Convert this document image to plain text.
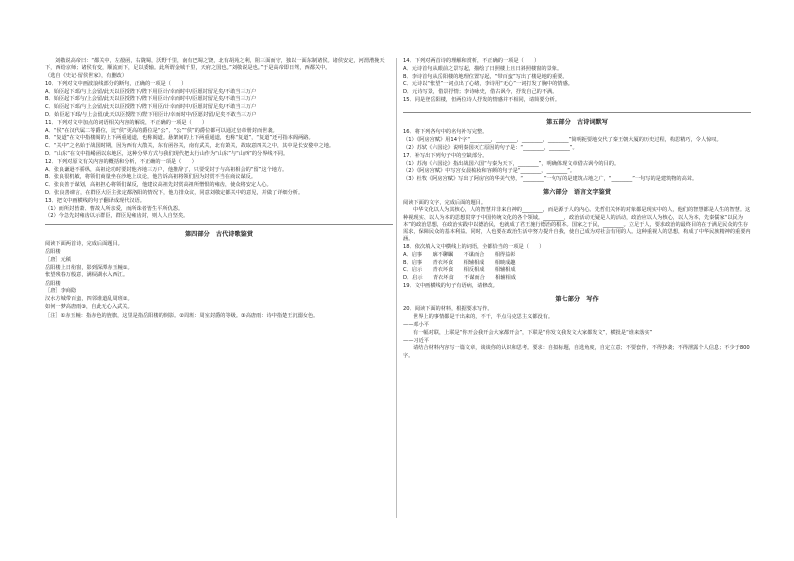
刘敬说高帝曰：“都关中，左殽函，右陇蜀，沃野千里，南有巴蜀之饶，北有胡苑之利，阻三面而守，独以一面东制诸侯。诸侯安定，河渭漕挽天下，西给京师；诸侯有变，顺流而下，足以委输。此所谓金城千里，天府之国也。”刘敬说是也。”于是高帝即日驾，西都关中。

（选自《史记·留侯世家》，有删改）

10．下列对文中画波浪线部分的断句，正确的一项是（　　）

A．始臣起下邳/与上会留/此天以臣授陛下/陛下用臣计/幸而时中/臣愿封留足矣/不敢当三万户

B．始臣起下邳与/上会留/此天以臣授陛下/陛下用臣计/幸而时中/臣愿封留足矣/不敢当三万户

C．始臣起下邳/与上会留/此天以臣授陛下/陛下用臣/计幸而时中/臣愿封留足矣/不敢当三万户

D．始臣起下邳/与上会留/此天以臣授陛下/陛下用臣计/幸而时中/臣愿封留/足矣不敢当三万户

11．下列对文中加点的词语相关内容的解说，不正确的一项是（　　）

A．“侯”在汉代属二等爵位，比“侯”更高的爵位是“公”，“公”“侯”的爵位都可以通过皇帝册封而世袭。

B．“复道”在文中指楼阁的上下两重通道，也称阁道。悬架间的上下两重通道，也称“复道”，“复道”还可指本阁两路。

C．“关中”之名始于战国时期，因为西有大散关，东有函谷关，南有武关，北有萧关，故取意四关之中，其中是长安婺中之地。

D．“山东”在文中指崤函以东地区，这种分界方式与我们现代把太行山作为“山东”与“山西”的分界线不同。

12．下列对原文有关内容的概括和分析，不正确的一项是（　　）

A．张良谦逊不骄纵，高祖论功时要封他齐地三万户，他推辞了，只要受封于与高祖相会的“留”这个地方。

B．张良很机敏，将领们商量坐在沙地上议论，他告诉高祖将领们因为封赏不当在商议谋反。

C．张良善于谋划，高祖担心将领们谋反，他建议高祖先封赏高祖所憎恨的雍齿，使众将安定人心。

D．张良善谏言，在群臣大臣主张定都洛阳的情况下，他力排众议，同意刘敬定都关中的意见，并做了详细分析。

13．把文中画横线的句子翻译成现代汉语。

（1）而所封皆萧、曹故人所亲爱，而所诛者皆生平所仇怨。

（2）今急先封雍齿以示群臣，群臣见雍齿封，则人人自坚矣。

第四部分　古代诗歌鉴赏

阅读下面两首诗，完成后面题目。

岳阳楼

［唐］元稹

岳阳楼上日衔窗，影到深潭赤玉幢①。

怅望残春万般意，满棂湖水入西江。

岳阳楼

［唐］李商隐

汉水方城带百蛮，四邻谁道乱周班②。

如何一梦高唐雨③，自此无心入武关。

［注］①赤玉幢：指赤色的旌旗，这里是指岳阳楼的倒影。②周班：周室封爵的等级。③高唐雨：诗中指楚王沉溺女色。

14．下列对两首诗的理解和赏析，不正确的一项是（　　）

A．元诗首句从眼前之景写起，描绘了日照楼上且日斜照楼窗的景象。

B．李诗首句从岳阳楼的地理位置写起，“带百蛮”写出了楼是地的重要。

C．元诗以“怅望”一词点出了心绪，李诗用“无心”一词打发了胸中的情感。

D．元诗写景，借景抒情；李诗咏史，借古讽今，抒发自己的不满。

15．同是登岳阳楼，但两位诗人抒发的情感并不相同，请简要分析。

第五部分　古诗词默写

16．将下列各句中的名句补写完整。

（1）《阿房宫赋》用14个字“________，________，________，________”简明扼要地交代了秦王朝大厦的历史过程，构思精巧，令人惊叹。

（2）苏轼《六国论》说明秦国灭亡原因的句子是：“________，________”。

17．补写出下列句子中的空缺部分。

（1）苏洵《六国论》指出战国六国“与秦为天下，________”，明确体现文章借古讽今的目的。

（2）《阿房宫赋》中写宫女晨梳妆和容颜的句子是“________，________”。

（3）杜牧《阿房宫赋》写出了阿房宫的华美气势，“________”一句写的是建筑占地之广，“________”一句写的是建筑物的高耸。

第六部分　语言文字鉴赏

阅读下面的文字，完成后面的题目。

中华文化以人为其核心，人的智慧并非来自神的________，而是源于人的内心。先哲们关怀的对象都是现实中的人，他们的智慧都是人生的智慧。这种视现实、以人为本的思想贯穿于中国传统文化的各个领域。________，政治活动无疑是人的活动，政治应以人为核心，以人为本，先秦儒家“以民为本”的政治思想，在政治实践中以德治民，也就成了君王施行德治的根本。国家之于民，________。立足于人，要求政治的最终目的在于满足民众的生存需求，保障民众的基本利益。同时，人也要在政治生活中努力提升自我，使自己成为对社会有用的人。这种重视人的思想，构成了中华民族精神的重要内涵。

18．依次填入文中横线上的词语，全都恰当的一项是（　　）

A．启事　　廓不聊瞩　　不谋而合　　相得益彰

B．启事　　青衣坏食　　相辅相成　　相映成趣

C．启示　　青衣坏食　　相反相成　　相辅相成

D．启示　　青衣坏食　　不谋而合　　相辅相成

19．文中画横线的句子有语病，请修改。

第七部分　写作

20．阅读下面的材料，根据要求写作。

世界上的事情都是干出来的，不干，半点马克思主义都没有。

——邓小平

有一幅对联，上联是“你开会我开会大家都开会”，下联是“你发文我发文大家都发文”，横批是“谁来落实”

——习近平

请结合材料内容写一篇文章，谈谈你的认识和思考。要求：自拟标题，自选角度，自定立意；不要套作，不得抄袭；不得泄露个人信息；不少于800字。
